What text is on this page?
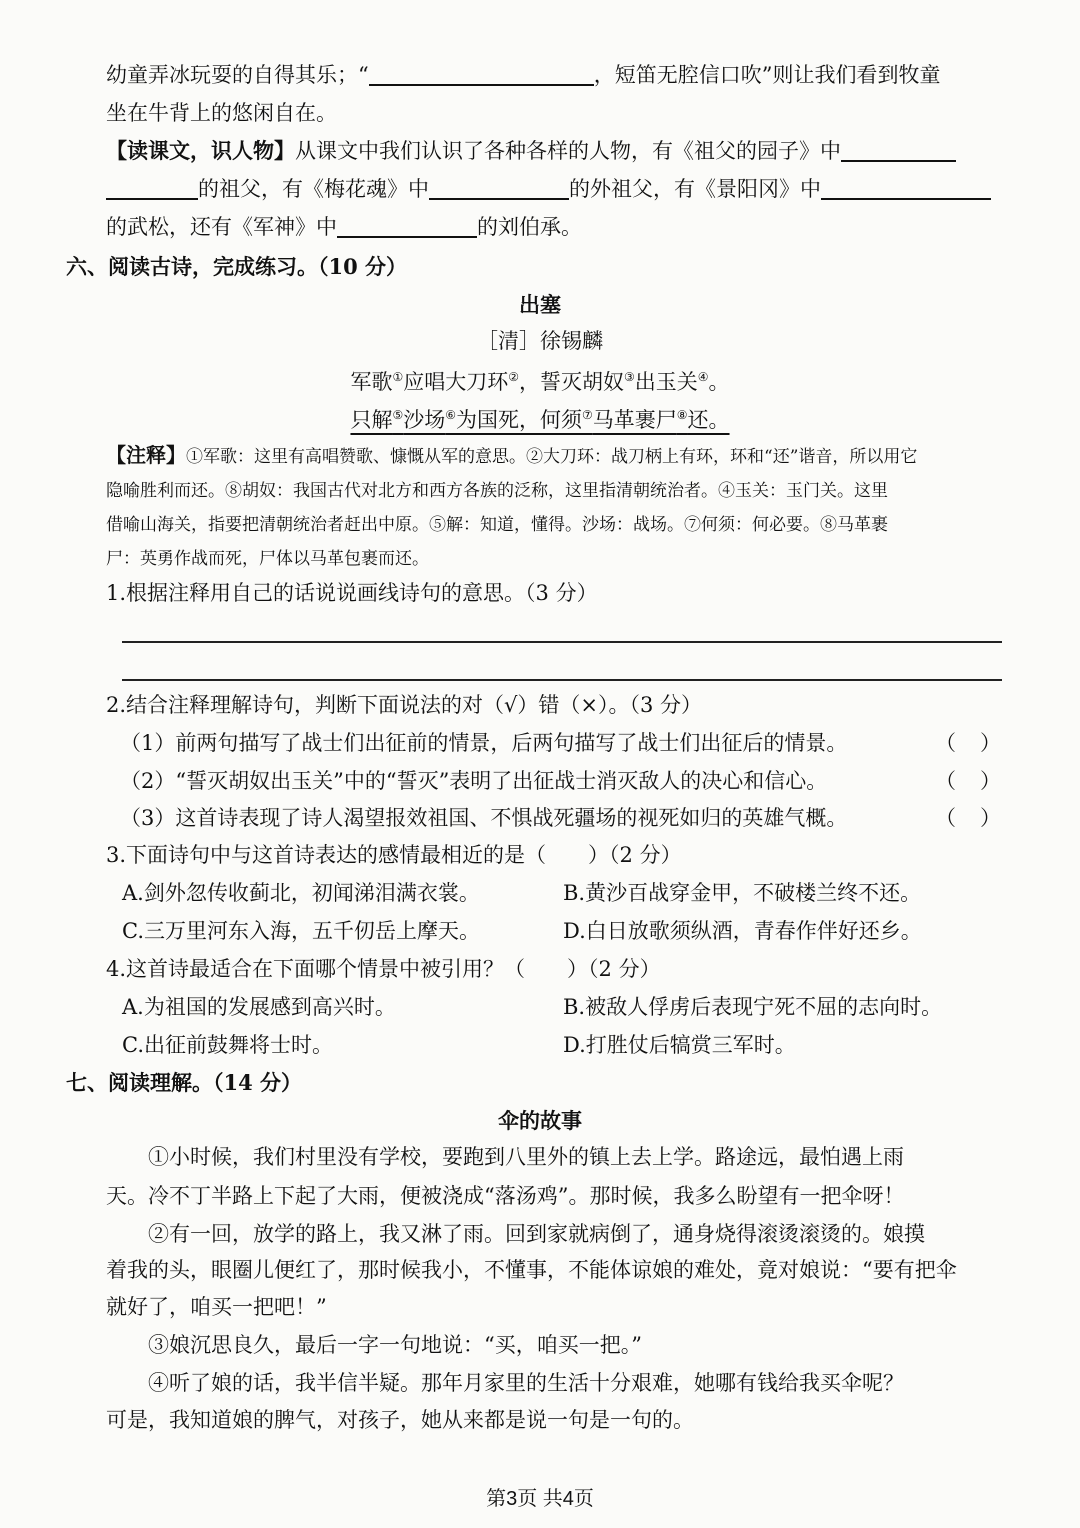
幼童弄冰玩耍的自得其乐；“	，短笛无腔信口吹”则让我们看到牧童
坐在牛背上的悠闲自在。
【读课文，识人物】从课文中我们认识了各种各样的人物，有《祖父的园子》中
的祖父，有《梅花魂》中	的外祖父，有《景阳冈》中
的武松，还有《军神》中	的刘伯承。
六、阅读古诗，完成练习。（10 分）
出塞
［清］徐锡麟
军歌①应唱大刀环②，誓灭胡奴③出玉关④。
只解⑤沙场⑥为国死，何须⑦马革裹尸⑧还。
【注释】①军歌：这里有高唱赞歌、慷慨从军的意思。②大刀环：战刀柄上有环，环和“还”谐音，所以用它
隐喻胜利而还。⑧胡奴：我国古代对北方和西方各族的泛称，这里指清朝统治者。④玉关：玉门关。这里
借喻山海关，指要把清朝统治者赶出中原。⑤解：知道，懂得。沙场：战场。⑦何须：何必要。⑧马革裹
尸：英勇作战而死，尸体以马革包裹而还。
1.根据注释用自己的话说说画线诗句的意思。（3 分）
2.结合注释理解诗句，判断下面说法的对（√）错（×）。（3 分）
（1）前两句描写了战士们出征前的情景，后两句描写了战士们出征后的情景。	（ ）
（2）“誓灭胡奴出玉关”中的“誓灭”表明了出征战士消灭敌人的决心和信心。	（ ）
（3）这首诗表现了诗人渴望报效祖国、不惧战死疆场的视死如归的英雄气概。	（ ）
3.下面诗句中与这首诗表达的感情最相近的是（　　）（2 分）
A.剑外忽传收蓟北，初闻涕泪满衣裳。	B.黄沙百战穿金甲，不破楼兰终不还。
C.三万里河东入海，五千仞岳上摩天。	D.白日放歌须纵酒，青春作伴好还乡。
4.这首诗最适合在下面哪个情景中被引用？（　　）（2 分）
A.为祖国的发展感到高兴时。	B.被敌人俘虏后表现宁死不屈的志向时。
C.出征前鼓舞将士时。	D.打胜仗后犒赏三军时。
七、阅读理解。（14 分）
伞的故事
①小时候，我们村里没有学校，要跑到八里外的镇上去上学。路途远，最怕遇上雨
天。冷不丁半路上下起了大雨，便被浇成“落汤鸡”。那时候，我多么盼望有一把伞呀！
②有一回，放学的路上，我又淋了雨。回到家就病倒了，通身烧得滚烫滚烫的。娘摸
着我的头，眼圈儿便红了，那时候我小，不懂事，不能体谅娘的难处，竟对娘说：“要有把伞
就好了，咱买一把吧！”
③娘沉思良久，最后一字一句地说：“买，咱买一把。”
④听了娘的话，我半信半疑。那年月家里的生活十分艰难，她哪有钱给我买伞呢？
可是，我知道娘的脾气，对孩子，她从来都是说一句是一句的。
第3页 共4页
